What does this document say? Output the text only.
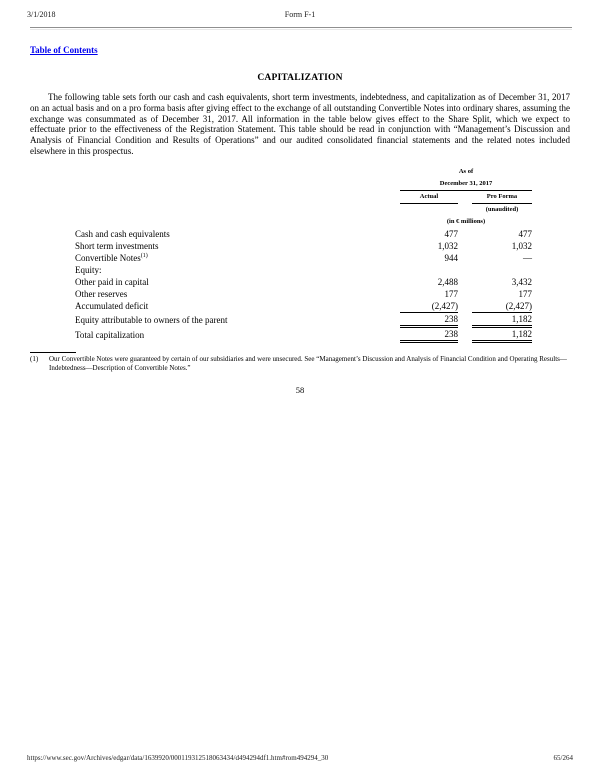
3/1/2018	Form F-1
Table of Contents
CAPITALIZATION

The following table sets forth our cash and cash equivalents, short term investments, indebtedness, and capitalization as of December 31, 2017 on an actual basis and on a pro forma basis after giving effect to the exchange of all outstanding Convertible Notes into ordinary shares, assuming the exchange was consummated as of December 31, 2017. All information in the table below gives effect to the Share Split, which we expect to effectuate prior to the effectiveness of the Registration Statement. This table should be read in conjunction with “Management’s Discussion and Analysis of Financial Condition and Results of Operations” and our audited consolidated financial statements and the related notes included elsewhere in this prospectus.

	As of
December 31, 2017		

	Actual		Pro Forma
			(unaudited)
	(in € millions)		
Cash and cash equivalents	477		477
Short term investments	1,032		1,032
Convertible Notes$^{(1)}$	944		—
Equity:			
Other paid in capital	2,488		3,432
Other reserves	177		177
Accumulated deficit	(2,427)		(2,427)
Equity attributable to owners of the parent	238		1,182
Total capitalization	238		1,182
(1)	Our Convertible Notes were guaranteed by certain of our subsidiaries and were unsecured. See “Management’s Discussion and Analysis of Financial Condition and Operating Results—Indebtedness—Description of Convertible Notes.”
58
https://www.sec.gov/Archives/edgar/data/1639920/000119312518063434/d494294df1.htm#rom494294_30	65/264
